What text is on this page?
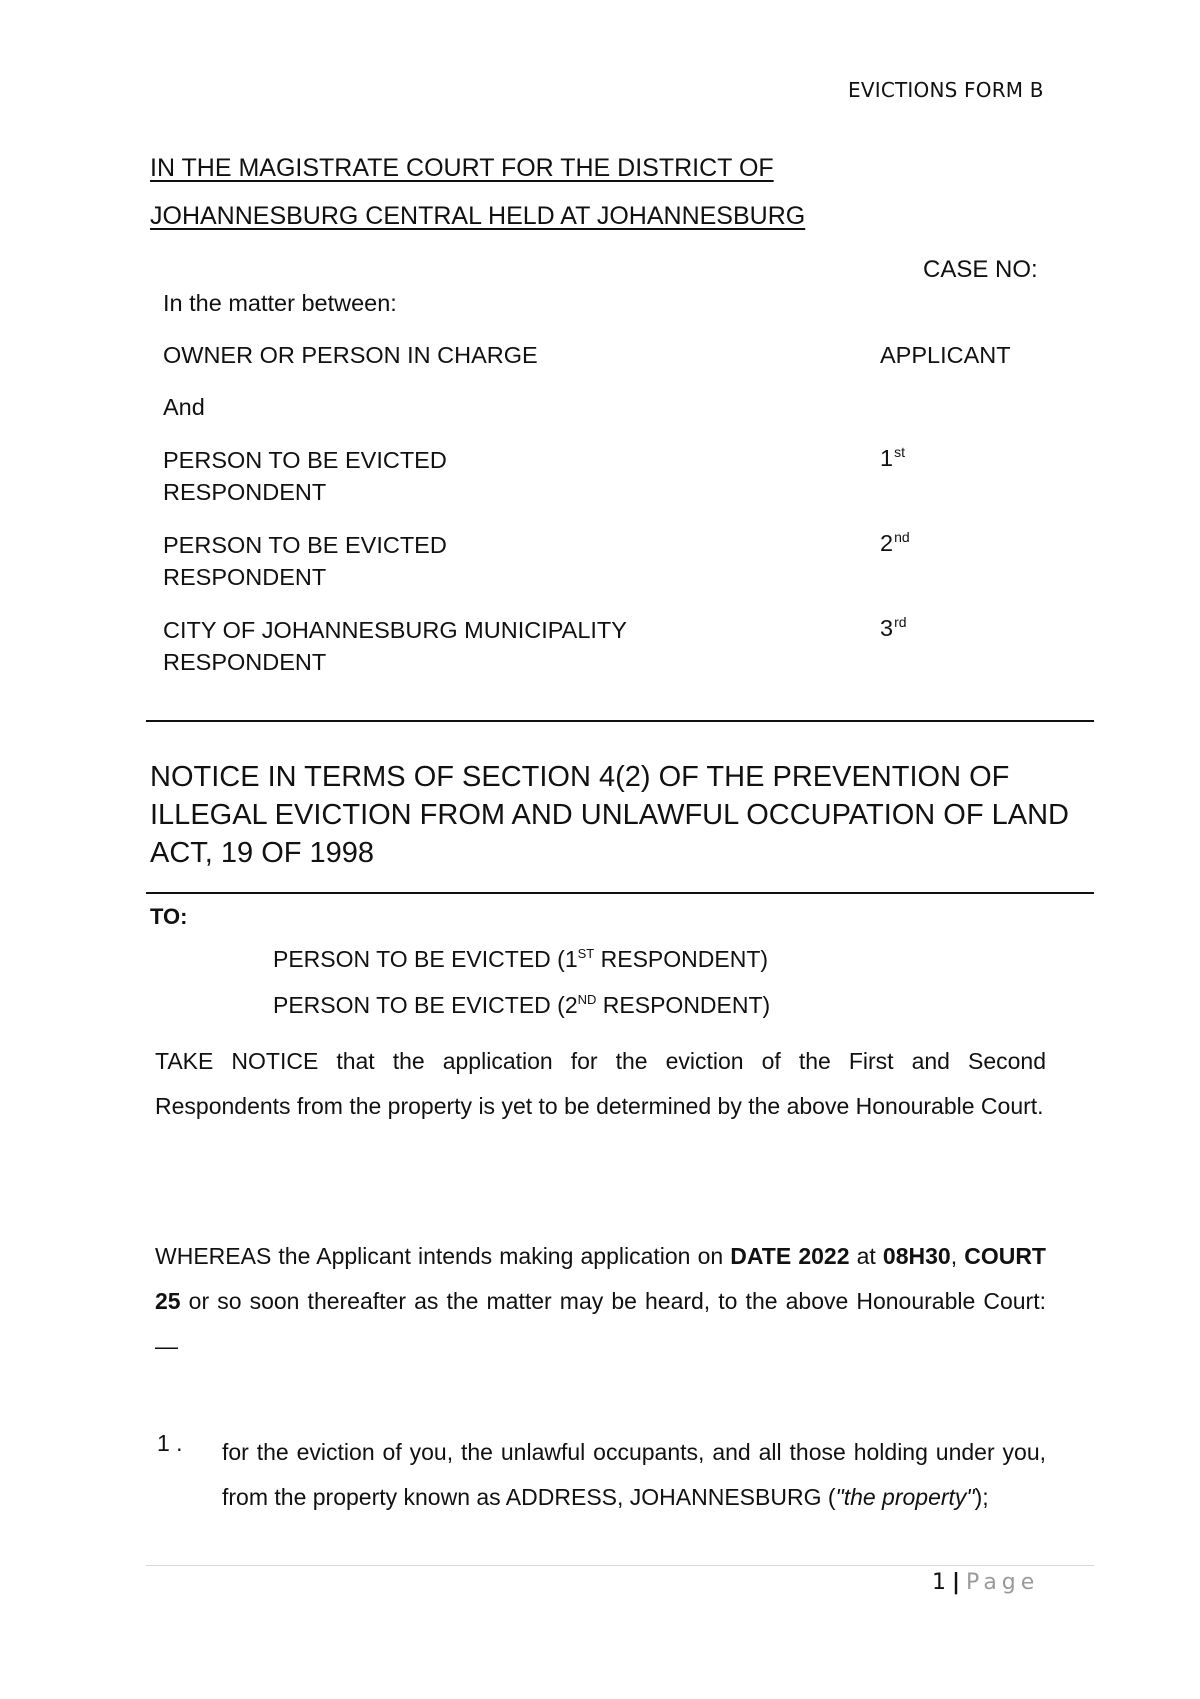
EVICTIONS FORM B
IN THE MAGISTRATE COURT FOR THE DISTRICT OF
JOHANNESBURG CENTRAL HELD AT JOHANNESBURG
CASE NO:
In the matter between:
OWNER OR PERSON IN CHARGE	APPLICANT
And
PERSON TO BE EVICTED
RESPONDENT
1st
PERSON TO BE EVICTED
RESPONDENT
2nd
CITY OF JOHANNESBURG MUNICIPALITY
RESPONDENT
3rd
NOTICE IN TERMS OF SECTION 4(2) OF THE PREVENTION OF ILLEGAL EVICTION FROM AND UNLAWFUL OCCUPATION OF LAND ACT, 19 OF 1998
TO:
PERSON TO BE EVICTED (1ST RESPONDENT)
PERSON TO BE EVICTED (2ND RESPONDENT)
TAKE NOTICE that the application for the eviction of the First and Second Respondents from the property is yet to be determined by the above Honourable Court.
WHEREAS the Applicant intends making application on DATE 2022 at 08H30, COURT 25 or so soon thereafter as the matter may be heard, to the above Honourable Court: —
1 . for the eviction of you, the unlawful occupants, and all those holding under you, from the property known as ADDRESS, JOHANNESBURG ("the property");
1 | Page
